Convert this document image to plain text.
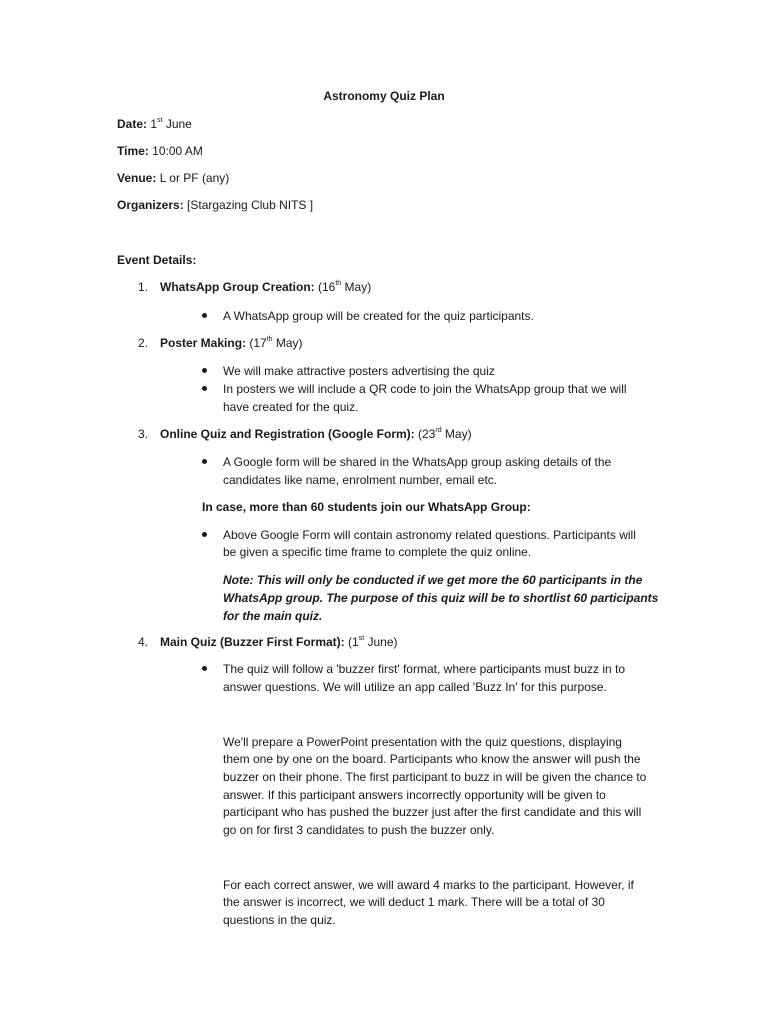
Astronomy Quiz Plan
Date: 1st June
Time: 10:00 AM
Venue: L or PF (any)
Organizers: [Stargazing Club NITS ]
Event Details:
1. WhatsApp Group Creation: (16th May)
A WhatsApp group will be created for the quiz participants.
2. Poster Making: (17th May)
We will make attractive posters advertising the quiz
In posters we will include a QR code to join the WhatsApp group that we will
have created for the quiz.
3. Online Quiz and Registration (Google Form): (23rd May)
A Google form will be shared in the WhatsApp group asking details of the
candidates like name, enrolment number, email etc.
In case, more than 60 students join our WhatsApp Group:
Above Google Form will contain astronomy related questions. Participants will
be given a specific time frame to complete the quiz online.
Note: This will only be conducted if we get more the 60 participants in the
WhatsApp group. The purpose of this quiz will be to shortlist 60 participants
for the main quiz.
4. Main Quiz (Buzzer First Format): (1st June)
The quiz will follow a 'buzzer first' format, where participants must buzz in to
answer questions. We will utilize an app called 'Buzz In' for this purpose.
We'll prepare a PowerPoint presentation with the quiz questions, displaying
them one by one on the board. Participants who know the answer will push the
buzzer on their phone. The first participant to buzz in will be given the chance to
answer. If this participant answers incorrectly opportunity will be given to
participant who has pushed the buzzer just after the first candidate and this will
go on for first 3 candidates to push the buzzer only.
For each correct answer, we will award 4 marks to the participant. However, if
the answer is incorrect, we will deduct 1 mark. There will be a total of 30
questions in the quiz.
